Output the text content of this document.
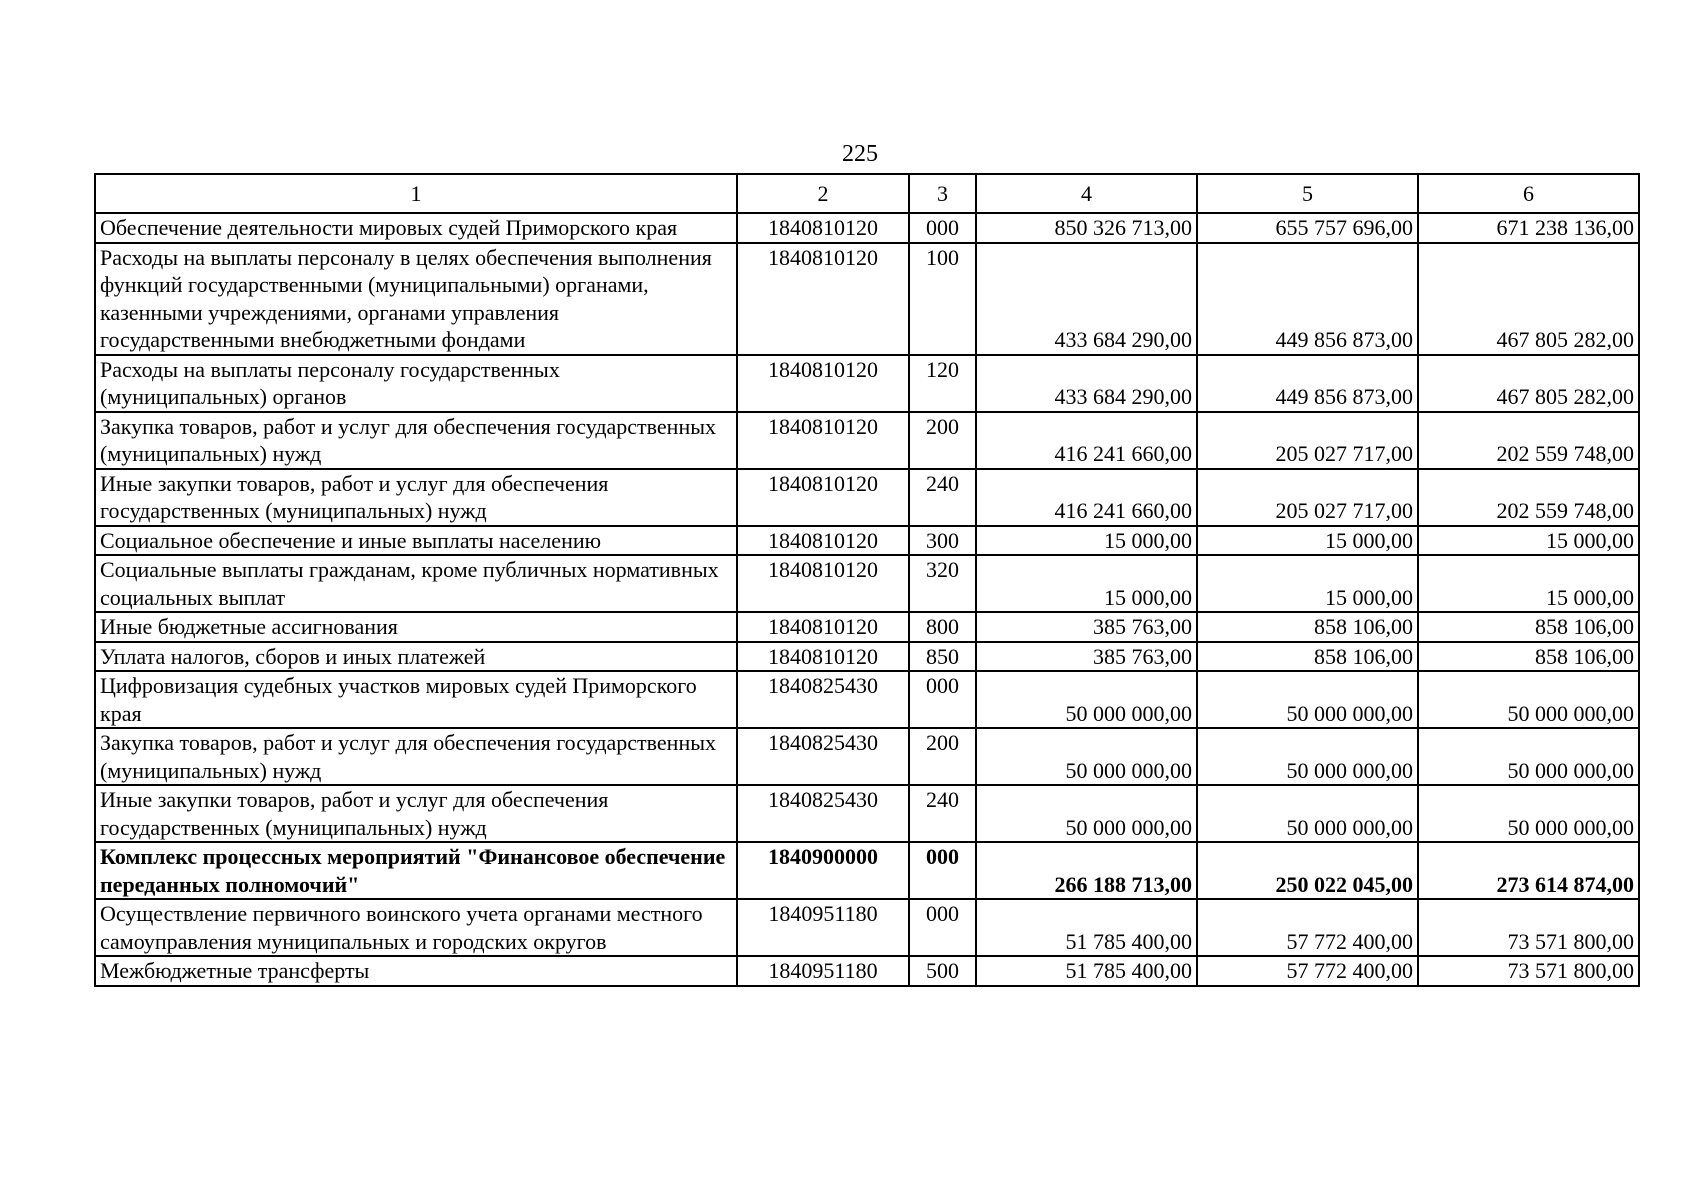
225
1	2	3	4	5	6
Обеспечение деятельности мировых судей Приморского края	1840810120	000	850 326 713,00	655 757 696,00	671 238 136,00
Расходы на выплаты персоналу в целях обеспечения выполнения функций государственными (муниципальными) органами, казенными учреждениями, органами управления государственными внебюджетными фондами	1840810120	100	433 684 290,00	449 856 873,00	467 805 282,00
Расходы на выплаты персоналу государственных (муниципальных) органов	1840810120	120	433 684 290,00	449 856 873,00	467 805 282,00
Закупка товаров, работ и услуг для обеспечения государственных (муниципальных) нужд	1840810120	200	416 241 660,00	205 027 717,00	202 559 748,00
Иные закупки товаров, работ и услуг для обеспечения государственных (муниципальных) нужд	1840810120	240	416 241 660,00	205 027 717,00	202 559 748,00
Социальное обеспечение и иные выплаты населению	1840810120	300	15 000,00	15 000,00	15 000,00
Социальные выплаты гражданам, кроме публичных нормативных социальных выплат	1840810120	320	15 000,00	15 000,00	15 000,00
Иные бюджетные ассигнования	1840810120	800	385 763,00	858 106,00	858 106,00
Уплата налогов, сборов и иных платежей	1840810120	850	385 763,00	858 106,00	858 106,00
Цифровизация судебных участков мировых судей Приморского края	1840825430	000	50 000 000,00	50 000 000,00	50 000 000,00
Закупка товаров, работ и услуг для обеспечения государственных (муниципальных) нужд	1840825430	200	50 000 000,00	50 000 000,00	50 000 000,00
Иные закупки товаров, работ и услуг для обеспечения государственных (муниципальных) нужд	1840825430	240	50 000 000,00	50 000 000,00	50 000 000,00
Комплекс процессных мероприятий "Финансовое обеспечение переданных полномочий"	1840900000	000	266 188 713,00	250 022 045,00	273 614 874,00
Осуществление первичного воинского учета органами местного самоуправления муниципальных и городских округов	1840951180	000	51 785 400,00	57 772 400,00	73 571 800,00
Межбюджетные трансферты	1840951180	500	51 785 400,00	57 772 400,00	73 571 800,00
